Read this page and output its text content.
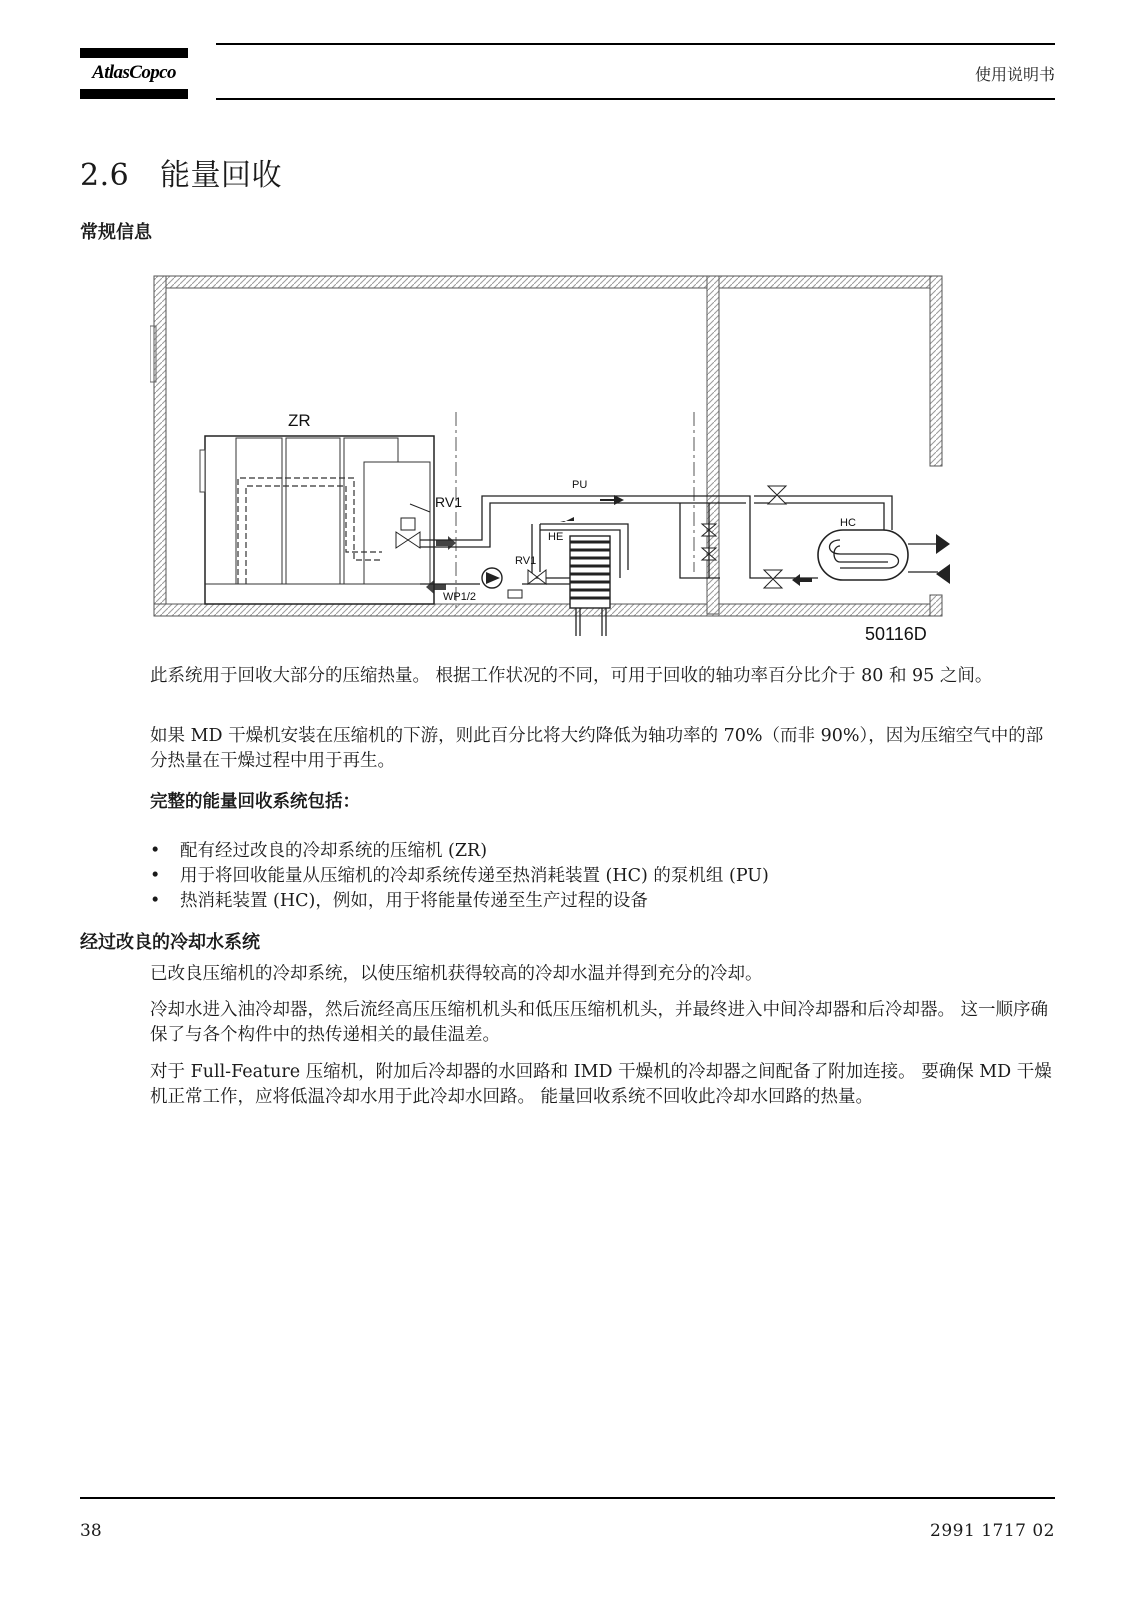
AtlasCopco	使用说明书
2.6 能量回收
常规信息
ZR
RV1
PU
HE
RV1
WP1/2
HC
50116D

此系统用于回收大部分的压缩热量。 根据工作状况的不同，可用于回收的轴功率百分比介于 80 和 95 之间。

如果 MD 干燥机安装在压缩机的下游，则此百分比将大约降低为轴功率的 70%（而非 90%），因为压缩空气中的部分热量在干燥过程中用于再生。

完整的能量回收系统包括：
• 配有经过改良的冷却系统的压缩机 (ZR)
• 用于将回收能量从压缩机的冷却系统传递至热消耗装置 (HC) 的泵机组 (PU)
• 热消耗装置 (HC)，例如，用于将能量传递至生产过程的设备
经过改良的冷却水系统

已改良压缩机的冷却系统，以使压缩机获得较高的冷却水温并得到充分的冷却。

冷却水进入油冷却器，然后流经高压压缩机机头和低压压缩机机头，并最终进入中间冷却器和后冷却器。 这一顺序确保了与各个构件中的热传递相关的最佳温差。

对于 Full-Feature 压缩机，附加后冷却器的水回路和 IMD 干燥机的冷却器之间配备了附加连接。 要确保 MD 干燥机正常工作，应将低温冷却水用于此冷却水回路。 能量回收系统不回收此冷却水回路的热量。

38	2991 1717 02
